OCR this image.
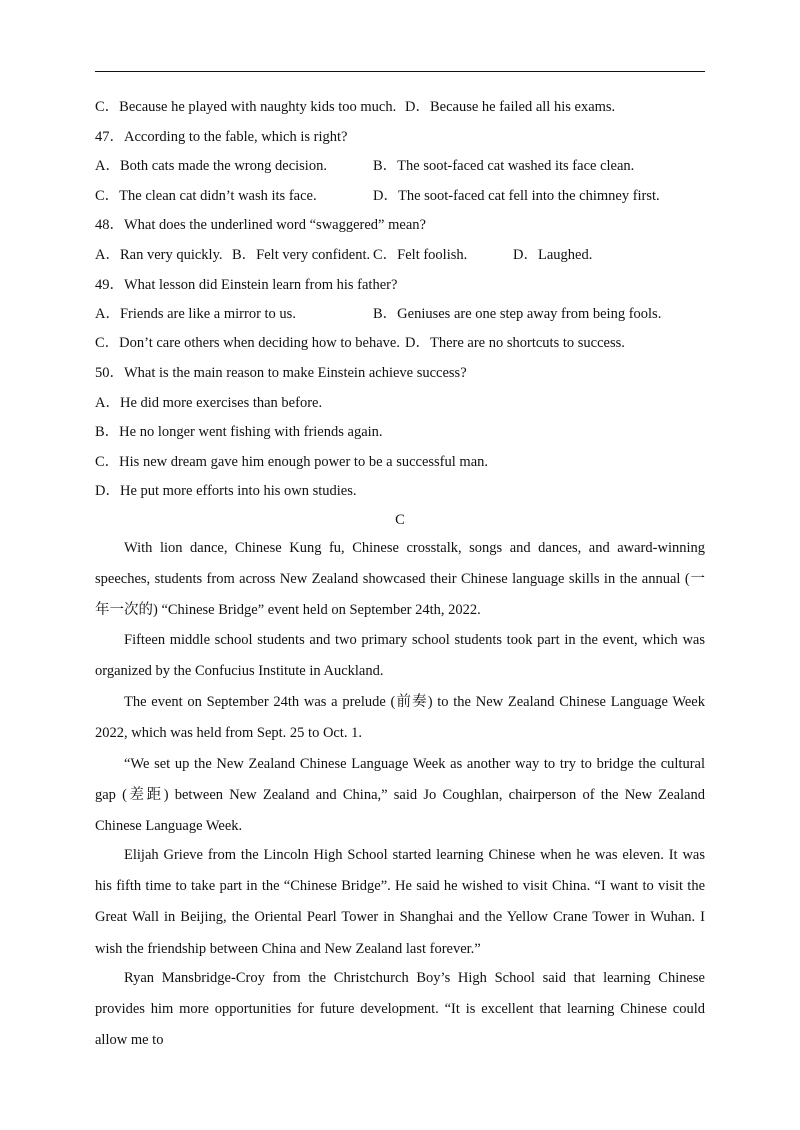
C．Because he played with naughty kids too much. D．Because he failed all his exams.
47．According to the fable, which is right?
A．Both cats made the wrong decision.	B．The soot-faced cat washed its face clean.
C．The clean cat didn’t wash its face.	D．The soot-faced cat fell into the chimney first.
48．What does the underlined word “swaggered” mean?
A．Ran very quickly. B．Felt very confident. C．Felt foolish.	D．Laughed.
49．What lesson did Einstein learn from his father?
A．Friends are like a mirror to us.	B．Geniuses are one step away from being fools.
C．Don’t care others when deciding how to behave. D．There are no shortcuts to success.
50．What is the main reason to make Einstein achieve success?
A．He did more exercises than before.
B．He no longer went fishing with friends again.
C．His new dream gave him enough power to be a successful man.
D．He put more efforts into his own studies.
C
With lion dance, Chinese Kung fu, Chinese crosstalk, songs and dances, and award-winning speeches, students from across New Zealand showcased their Chinese language skills in the annual (一年一次的) “Chinese Bridge” event held on September 24th, 2022.
Fifteen middle school students and two primary school students took part in the event, which was organized by the Confucius Institute in Auckland.
The event on September 24th was a prelude (前奏) to the New Zealand Chinese Language Week 2022, which was held from Sept. 25 to Oct. 1.
“We set up the New Zealand Chinese Language Week as another way to try to bridge the cultural gap (差距) between New Zealand and China,” said Jo Coughlan, chairperson of the New Zealand Chinese Language Week.
Elijah Grieve from the Lincoln High School started learning Chinese when he was eleven. It was his fifth time to take part in the “Chinese Bridge”. He said he wished to visit China. “I want to visit the Great Wall in Beijing, the Oriental Pearl Tower in Shanghai and the Yellow Crane Tower in Wuhan. I wish the friendship between China and New Zealand last forever.”
Ryan Mansbridge-Croy from the Christchurch Boy’s High School said that learning Chinese provides him more opportunities for future development. “It is excellent that learning Chinese could allow me to
